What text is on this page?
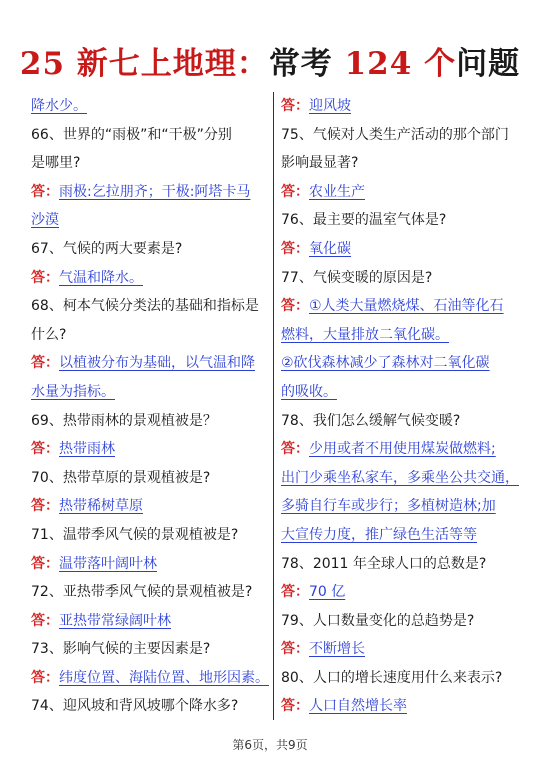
25 新七上地理：常考 124 个问题
降水少。
66、世界的“雨极”和“干极”分别
是哪里?
答：雨极:乞拉朋齐；干极:阿塔卡马
沙漠
67、气候的两大要素是?
答：气温和降水。
68、柯本气候分类法的基础和指标是
什么?
答：以植被分布为基础，以气温和降
水量为指标。
69、热带雨林的景观植被是？
答：热带雨林
70、热带草原的景观植被是?
答：热带稀树草原
71、温带季风气候的景观植被是?
答：温带落叶阔叶林
72、亚热带季风气候的景观植被是?
答：亚热带常绿阔叶林
73、影响气候的主要因素是?
答：纬度位置、海陆位置、地形因素。
74、迎风坡和背风坡哪个降水多?
答：迎风坡
75、气候对人类生产活动的那个部门
影响最显著?
答：农业生产
76、最主要的温室气体是?
答：氧化碳
77、气候变暖的原因是?
答：①人类大量燃烧煤、石油等化石
燃料，大量排放二氧化碳。
②砍伐森林减少了森林对二氧化碳
的吸收。
78、我们怎么缓解气候变暖?
答：少用或者不用使用煤炭做燃料;
出门少乘坐私家车，多乘坐公共交通，
多骑自行车或步行；多植树造林;加
大宣传力度，推广绿色生活等等
78、2011 年全球人口的总数是?
答：70 亿
79、人口数量变化的总趋势是?
答：不断增长
80、人口的增长速度用什么来表示?
答：人口自然增长率
第6页，共9页
